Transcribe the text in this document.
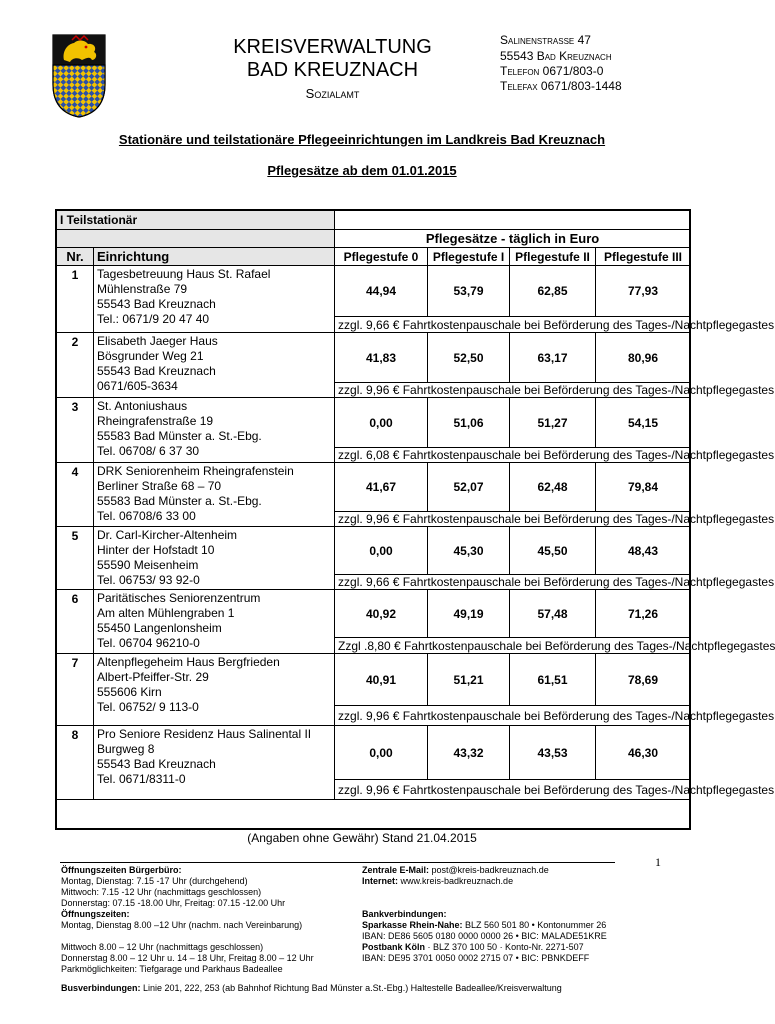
KREISVERWALTUNG
BAD KREUZNACH
Sozialamt
Salinenstraße 47
55543 Bad Kreuznach
Telefon 0671/803-0
Telefax 0671/803-1448
Stationäre und teilstationäre Pflegeeinrichtungen im Landkreis Bad Kreuznach
Pflegesätze ab dem 01.01.2015
I Teilstationär					
		Pflegesätze - täglich in Euro			
Nr.	Einrichtung	Pflegestufe 0	Pflegestufe I	Pflegestufe II	Pflegestufe III
1	Tagesbetreuung Haus St. Rafael
Mühlenstraße 79
55543 Bad Kreuznach
Tel.: 0671/9 20 47 40	44,94	53,79	62,85	77,93
		zzgl. 9,66 € Fahrtkostenpauschale bei Beförderung des Tages-/Nachtpflegegastes			
2	Elisabeth Jaeger Haus
Bösgrunder Weg 21
55543 Bad Kreuznach
0671/605-3634	41,83	52,50	63,17	80,96
		zzgl. 9,96 € Fahrtkostenpauschale bei Beförderung des Tages-/Nachtpflegegastes			
3	St. Antoniushaus
Rheingrafenstraße 19
55583 Bad Münster a. St.-Ebg.
Tel. 06708/ 6 37 30	0,00	51,06	51,27	54,15
		zzgl. 6,08 € Fahrtkostenpauschale bei Beförderung des Tages-/Nachtpflegegastes			
4	DRK Seniorenheim Rheingrafenstein
Berliner Straße 68 – 70
55583 Bad Münster a. St.-Ebg.
Tel. 06708/6 33 00	41,67	52,07	62,48	79,84
		zzgl. 9,96 € Fahrtkostenpauschale bei Beförderung des Tages-/Nachtpflegegastes			
5	Dr. Carl-Kircher-Altenheim
Hinter der Hofstadt 10
55590 Meisenheim
Tel. 06753/ 93 92-0	0,00	45,30	45,50	48,43
		zzgl. 9,66 € Fahrtkostenpauschale bei Beförderung des Tages-/Nachtpflegegastes			
6	Paritätisches Seniorenzentrum
Am alten Mühlengraben 1
55450 Langenlonsheim
Tel. 06704 96210-0	40,92	49,19	57,48	71,26
		Zzgl .8,80 € Fahrtkostenpauschale bei Beförderung des Tages-/Nachtpflegegastes			
7	Altenpflegeheim Haus Bergfrieden
Albert-Pfeiffer-Str. 29
555606 Kirn
Tel. 06752/ 9 113-0	40,91	51,21	61,51	78,69
		zzgl. 9,96 € Fahrtkostenpauschale bei Beförderung des Tages-/Nachtpflegegastes			
8	Pro Seniore Residenz Haus Salinental II
Burgweg 8
55543 Bad Kreuznach
Tel. 0671/8311-0	0,00	43,32	43,53	46,30
		zzgl. 9,96 € Fahrtkostenpauschale bei Beförderung des Tages-/Nachtpflegegastes			
(Angaben ohne Gewähr) Stand 21.04.2015
1
Öffnungszeiten Bürgerbüro:
Montag, Dienstag: 7.15 -17 Uhr (durchgehend)
Mittwoch: 7.15 -12 Uhr (nachmittags geschlossen)
Donnerstag: 07.15 -18.00 Uhr, Freitag: 07.15 -12.00 Uhr
Öffnungszeiten:
Montag, Dienstag 8.00 –12 Uhr (nachm. nach Vereinbarung)
Mittwoch 8.00 – 12 Uhr (nachmittags geschlossen)
Donnerstag 8.00 – 12 Uhr u. 14 – 18 Uhr, Freitag 8.00 – 12 Uhr
Parkmöglichkeiten: Tiefgarage und Parkhaus Badeallee
Zentrale E-Mail: post@kreis-badkreuznach.de
Internet: www.kreis-badkreuznach.de
Bankverbindungen:
Sparkasse Rhein-Nahe: BLZ 560 501 80 • Kontonummer 26
IBAN: DE86 5605 0180 0000 0000 26 • BIC: MALADE51KRE
Postbank Köln · BLZ 370 100 50 · Konto-Nr. 2271-507
IBAN: DE95 3701 0050 0002 2715 07 • BIC: PBNKDEFF
Busverbindungen: Linie 201, 222, 253 (ab Bahnhof Richtung Bad Münster a.St.-Ebg.) Haltestelle Badeallee/Kreisverwaltung
